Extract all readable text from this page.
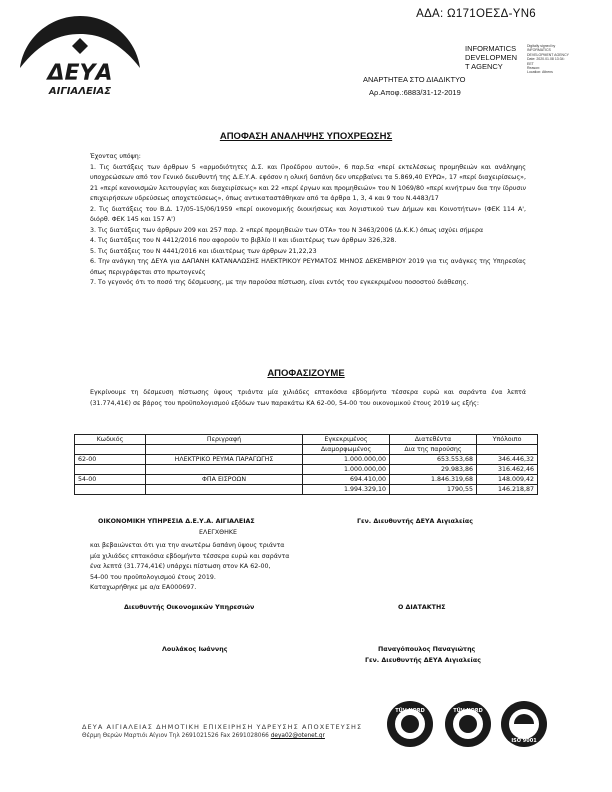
ΑΔΑ: Ω171ΟΕΣΔ-ΥΝ6
ΔΕΥΑ
ΑΙΓΙΑΛΕΙΑΣ
INFORMATICS
DEVELOPMEN
T AGENCY
Digitally signed by
INFORMATICS
DEVELOPMENT AGENCY
Date: 2020.01.08 13:34:
EET
Reason:
Location: Athens
ΑΝΑΡΤΗΤΕΑ ΣΤΟ ΔΙΑΔΙΚΤΥΟ
Αρ.Αποφ.:6883/31-12-2019
ΑΠΟΦΑΣΗ ΑΝΑΛΗΨΗΣ ΥΠΟΧΡΕΩΣΗΣ
Έχοντας υπόψη:
1. Τις διατάξεις των άρθρων 5 «αρμοδιότητες Δ.Σ. και Προέδρου αυτού», 6 παρ.5α «περί εκτελέσεως προμηθειών και ανάληψης υποχρεώσεων από τον Γενικό διευθυντή της Δ.Ε.Υ.Α. εφόσον η ολική δαπάνη δεν υπερβαίνει τα 5.869,40 ΕΥΡΩ», 17 «περί διαχειρίσεως», 21 «περί κανονισμών λειτουργίας και διαχειρίσεως» και 22 «περί έργων και προμηθειών» του Ν 1069/80 «περί κινήτρων δια την ίδρυσιν επιχειρήσεων υδρεύσεως αποχετεύσεως», όπως αντικαταστάθηκαν από τα άρθρα 1, 3, 4 και 9 του Ν.4483/17
2. Τις διατάξεις του Β.Δ. 17/05-15/06/1959 «περί οικονομικής διοικήσεως και λογιστικού των Δήμων και Κοινοτήτων» (ΦΕΚ 114 Α', διόρθ. ΦΕΚ 145 και 157 Α')
3. Τις διατάξεις των άρθρων 209 και 257 παρ. 2 «περί προμηθειών των ΟΤΑ» του Ν 3463/2006 (Δ.Κ.Κ.) όπως ισχύει σήμερα
4. Τις διατάξεις του Ν 4412/2016 που αφορούν το βιβλίο ΙΙ και ιδιαιτέρως των άρθρων 326,328.
5. Τις διατάξεις του Ν 4441/2016 και ιδιαιτέρως των άρθρων 21,22,23
6. Την ανάγκη της ΔΕΥΑ για ΔΑΠΑΝΗ ΚΑΤΑΝΑΛΩΣΗΣ ΗΛΕΚΤΡΙΚΟΥ ΡΕΥΜΑΤΟΣ ΜΗΝΟΣ ΔΕΚΕΜΒΡΙΟΥ 2019 για τις ανάγκες της Υπηρεσίας όπως περιγράφεται στο πρωτογενές
7. Το γεγονός ότι το ποσό της δέσμευσης, με την παρούσα πίστωση, είναι εντός του εγκεκριμένου ποσοστού διάθεσης.
ΑΠΟΦΑΣΙΖΟΥΜΕ
Εγκρίνουμε τη δέσμευση πίστωσης ύψους τριάντα μία χιλιάδες επτακόσια εβδομήντα τέσσερα ευρώ και σαράντα ένα λεπτά (31.774,41€) σε βάρος του προϋπολογισμού εξόδων των παρακάτω ΚΑ 62-00, 54-00 του οικονομικού έτους 2019 ως εξής:
Κωδικός	Περιγραφή	Εγκεκριμένος	Διατεθέντα	Υπόλοιπο
		Διαμορφωμένος	Δια της παρούσης	
62-00	ΗΛΕΚΤΡΙΚΟ ΡΕΥΜΑ ΠΑΡΑΓΩΓΗΣ	1.000.000,00	653.553,68	346.446,32
		1.000.000,00	29.983,86	316.462,46
54-00	ΦΠΑ ΕΙΣΡΟΩΝ	694.410,00	1.846.319,68	148.009,42
		1.994.329,10	1790,55	146.218,87
ΟΙΚΟΝΟΜΙΚΗ ΥΠΗΡΕΣΙΑ Δ.Ε.Υ.Α. ΑΙΓΙΑΛΕΙΑΣ
ΕΛΕΓΧΘΗΚΕ
και βεβαιώνεται ότι για την ανωτέρω δαπάνη ύψους τριάντα
μία χιλιάδες επτακόσια εβδομήντα τέσσερα ευρώ και σαράντα
ένα λεπτά (31.774,41€) υπάρχει πίστωση στον ΚΑ 62-00,
54-00 του προϋπολογισμού έτους 2019.
Καταχωρήθηκε με α/α ΕΑ000697.
Διευθυντής Οικονομικών Υπηρεσιών
Λουλάκος Ιωάννης
Γεν. Διευθυντής ΔΕΥΑ Αιγιαλείας
Ο ΔΙΑΤΑΚΤΗΣ
Παναγόπουλος Παναγιώτης
Γεν. Διευθυντής ΔΕΥΑ Αιγιαλείας
ΔΕΥΑ ΑΙΓΙΑΛΕΙΑΣ ΔΗΜΟΤΙΚΗ ΕΠΙΧΕΙΡΗΣΗ ΥΔΡΕΥΣΗΣ ΑΠΟΧΕΤΕΥΣΗΣ
Θέρμη Θερών Μαρτιόι Αίγιον Τηλ 2691021526 Fax 2691028066 deya02@otenet.gr
TÜV NORD	TÜV NORD
ISO 9001
